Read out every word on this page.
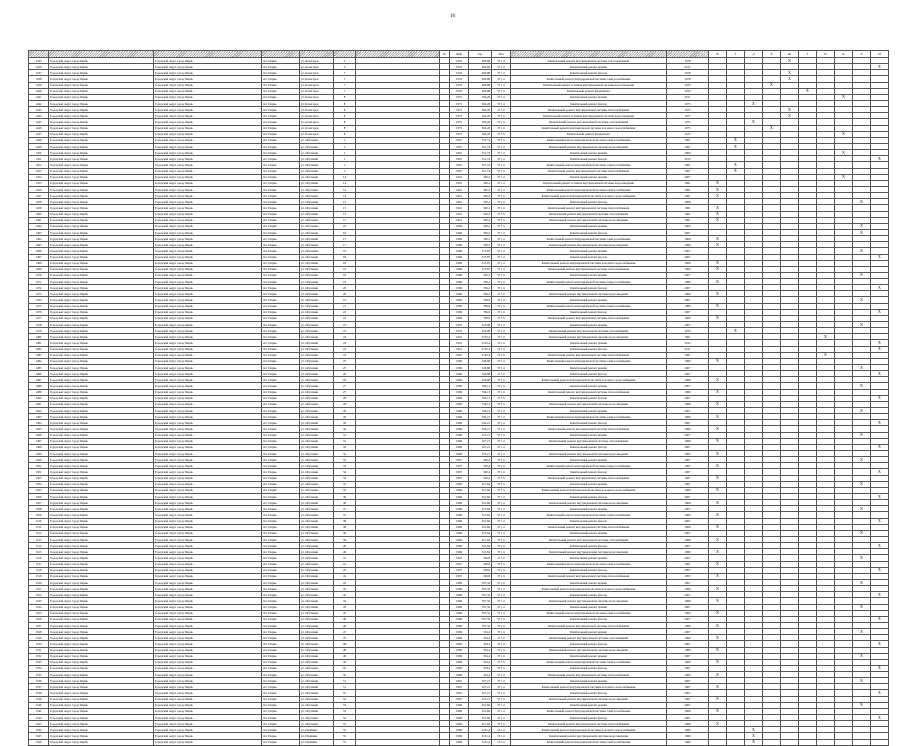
16
							№	Лифт	Год	Тип			В	Г	Д	Е	Ж	З	И	К	Л	М
1435	Городской округ город Пермь	Городской округ город Пермь	пгт. Пермь	ул. Кочегаров	5			1976	490,68	37 1 п	Капитальный ремонт внутридомовой системы теплоснабжения	1978					X					
1436	Городской округ город Пермь	Городской округ город Пермь	пгт. Пермь	ул. Кочегаров	5			1976	490,68	37 1 п	Капитальный ремонт крыши	2017										X
1437	Городской округ город Пермь	Городской округ город Пермь	пгт. Пермь	ул. Кочегаров	7			1976	490,88	37 1 п	Капитальный ремонт фасада	1978					X					
1438	Городской округ город Пермь	Городской округ город Пермь	пгт. Пермь	ул. Кочегаров	7			1976	490,88	37 1 п	Капитальный ремонт внутридомовой системы электроснабжения	1978					X					
1439	Городской округ город Пермь	Городской округ город Пермь	пгт. Пермь	ул. Кочегаров	7			1976	490,88	37 1 п	Капитальный ремонт и замена внутридомовой системы водоотведения	1976				X						
1440	Городской округ город Пермь	Городской округ город Пермь	пгт. Пермь	ул. Кочегаров	7			1976	490,88	37 1 п	Капитальный ремонт фундамента	1976						X				
1441	Городской округ город Пермь	Городской округ город Пермь	пгт. Пермь	ул. Кочегаров	8			1975	504,26	37 1 п	Капитальный ремонт крыши	2011								X		
1442	Городской округ город Пермь	Городской округ город Пермь	пгт. Пермь	ул. Кочегаров	8			1975	504,26	37 1 п	Капитальный ремонт фасада	1975			X							
1443	Городской округ город Пермь	Городской округ город Пермь	пгт. Пермь	ул. Кочегаров	8			1975	504,26	37 1 п	Капитальный ремонт внутридомовой системы теплоснабжения	1975					X					
1444	Городской округ город Пермь	Городской округ город Пермь	пгт. Пермь	ул. Кочегаров	8			1975	504,26	37 1 п	Капитальный ремонт и замена внутридомовой системы водоотведения	1975					X					
1445	Городской округ город Пермь	Городской округ город Пермь	пгт. Пермь	ул. Кочегаров	8			1975	504,26	37 1 п	Капитальный ремонт внутридомовой системы газоснабжения	1975			X							
1446	Городской округ город Пермь	Городской округ город Пермь	пгт. Пермь	ул. Кочегаров	8			1975	504,26	37 1 п	Капитальный ремонт внутридомовой системы холодного водоснабжения	1975				X						
1447	Городской округ город Пермь	Городской округ город Пермь	пгт. Пермь	ул. Кочегаров	8			1975	504,26	37 1 п	Капитальный ремонт фундамента	1975								X		
1448	Городской округ город Пермь	Городской округ город Пермь	пгт. Пермь	ул. Обучения	1			1967	351,74	37 1 п	Капитальный ремонт внутридомовой системы электроснабжения	1967		X								
1449	Городской округ город Пермь	Городской округ город Пермь	пгт. Пермь	ул. Обучения	1			1967	351,74	37 1 п	Капитальный ремонт внутридомовой системы водоотведения	1967		X								
1450	Городской округ город Пермь	Городской округ город Пермь	пгт. Пермь	ул. Обучения	1			1967	351,74	37 1 п	Капитальный ремонт крыши	2006								X		
1451	Городской округ город Пермь	Городской округ город Пермь	пгт. Пермь	ул. Обучения	1			1967	351,74	37 1 п	Капитальный ремонт фасада	2013										X
1452	Городской округ город Пермь	Городской округ город Пермь	пгт. Пермь	ул. Обучения	1			1967	351,74	37 1 п	Капитальный ремонт внутридомовой системы электроснабжения	1967		X								
1453	Городской округ город Пермь	Городской округ город Пермь	пгт. Пермь	ул. Обучения	1			1967	351,74	37 1 п	Капитальный ремонт внутридомовой системы теплоснабжения	1967		X								
1454	Городской округ город Пермь	Городской округ город Пермь	пгт. Пермь	ул. Обучения	14			1961	320,2	37 1 п	Капитальный ремонт крыши	2007								X		
1455	Городской округ город Пермь	Городской округ город Пермь	пгт. Пермь	ул. Обучения	14			1961	320,2	37 1 п	Капитальный ремонт и замена внутридомовой системы водоотведения	1961	X									
1456	Городской округ город Пермь	Городской округ город Пермь	пгт. Пермь	ул. Обучения	14			1961	320,2	37 1 п	Капитальный ремонт внутридомовой системы электроснабжения	1961	X									
1457	Городской округ город Пермь	Городской округ город Пермь	пгт. Пермь	ул. Обучения	14			1961	320,2	37 1 п	Капитальный ремонт внутридомовой системы холодного водоснабжения	1961	X									
1458	Городской округ город Пермь	Городской округ город Пермь	пгт. Пермь	ул. Обучения	15			1961	320,2	37 1 п	Капитальный ремонт фасада	2006									X	
1459	Городской округ город Пермь	Городской округ город Пермь	пгт. Пермь	ул. Обучения	15			1961	320,2	37 1 п	Капитальный ремонт внутридомовой системы теплоснабжения	1961	X									
1460	Городской округ город Пермь	Городской округ город Пермь	пгт. Пермь	ул. Обучения	15			1961	320,2	37 1 п	Капитальный ремонт внутридомовой системы газоснабжения	1961	X									
1461	Городской округ город Пермь	Городской округ город Пермь	пгт. Пермь	ул. Обучения	15			1961	320,2	37 1 п	Капитальный ремонт внутридомовой системы водоотведения	1961	X									
1462	Городской округ город Пермь	Городской округ город Пермь	пгт. Пермь	ул. Обучения	16			1966	336,2	37 1 п	Капитальный ремонт крыши	2006									X	
1463	Городской округ город Пермь	Городской округ город Пермь	пгт. Пермь	ул. Обучения	16			1966	336,2	37 1 п	Капитальный ремонт фасада	2007									X	
1464	Городской округ город Пермь	Городской округ город Пермь	пгт. Пермь	ул. Обучения	17			1969	780,5	37 1 п	Капитальный ремонт внутридомовой системы электроснабжения	1969	X									
1465	Городской округ город Пермь	Городской округ город Пермь	пгт. Пермь	ул. Обучения	17			1969	780,5	37 1 п	Капитальный ремонт внутридомовой системы водоотведения	1969	X									
1466	Городской округ город Пермь	Городской округ город Пермь	пгт. Пермь	ул. Обучения	18			1969	315,87	37 1 п	Капитальный ремонт крыши	2007									X	
1467	Городской округ город Пермь	Городской округ город Пермь	пгт. Пермь	ул. Обучения	18			1969	315,87	37 1 п	Капитальный ремонт фасада	2007										X
1468	Городской округ город Пермь	Городской округ город Пермь	пгт. Пермь	ул. Обучения	18			1969	315,87	37 1 п	Капитальный ремонт внутридомовой системы холодного водоснабжения	1969	X									
1469	Городской округ город Пермь	Городской округ город Пермь	пгт. Пермь	ул. Обучения	18			1969	315,87	37 1 п	Капитальный ремонт внутридомовой системы теплоснабжения	1969	X									
1470	Городской округ город Пермь	Городской округ город Пермь	пгт. Пермь	ул. Обучения	19			1966	336,2	37 1 п	Капитальный ремонт крыши	2007									X	
1471	Городской округ город Пермь	Городской округ город Пермь	пгт. Пермь	ул. Обучения	19			1966	336,2	37 1 п	Капитальный ремонт внутридомовой системы электроснабжения	1966	X									
1472	Городской округ город Пермь	Городской округ город Пермь	пгт. Пермь	ул. Обучения	20			1966	336,2	37 1 п	Капитальный ремонт фасада	2007										X
1473	Городской округ город Пермь	Городской округ город Пермь	пгт. Пермь	ул. Обучения	20			1966	336,2	37 1 п	Капитальный ремонт внутридомовой системы водоотведения	1966	X									
1474	Городской округ город Пермь	Городской округ город Пермь	пгт. Пермь	ул. Обучения	21			1969	796,9	37 1 п	Капитальный ремонт крыши	2007									X	
1475	Городской округ город Пермь	Городской округ город Пермь	пгт. Пермь	ул. Обучения	21			1969	796,9	37 1 п	Капитальный ремонт внутридомовой системы электроснабжения	1969	X									
1476	Городской округ город Пермь	Городской округ город Пермь	пгт. Пермь	ул. Обучения	22			1969	796,9	37 1 п	Капитальный ремонт фасада	2007										X
1477	Городской округ город Пермь	Городской округ город Пермь	пгт. Пермь	ул. Обучения	22			1969	796,9	37 1 п	Капитальный ремонт внутридомовой системы теплоснабжения	1969	X									
1478	Городской округ город Пермь	Городской округ город Пермь	пгт. Пермь	ул. Обучения	23			1970	323,98	37 1 п	Капитальный ремонт крыши	2007									X	
1479	Городской округ город Пермь	Городской округ город Пермь	пгт. Пермь	ул. Обучения	23			1970	323,98	37 1 п	Капитальный ремонт внутридомовой системы газоснабжения	1970		X								
1480	Городской округ город Пермь	Городской округ город Пермь	пгт. Пермь	ул. Обучения	24			1961	2132,4	13 1 п	Капитальный ремонт внутридомовой системы водоотведения	1961							X			
1481	Городской округ город Пермь	Городской округ город Пермь	пгт. Пермь	ул. Обучения	24			1961	2132,4	13 1 п	Капитальный ремонт крыши	2012										X
1482	Городской округ город Пермь	Городской округ город Пермь	пгт. Пермь	ул. Обучения	24			1961	2132,4	13 1 п	Капитальный ремонт фасада	2011										X
1483	Городской округ город Пермь	Городской округ город Пермь	пгт. Пермь	ул. Обучения	24			1961	2132,4	13 1 п	Капитальный ремонт внутридомовой системы теплоснабжения	1961							X			
1484	Городской округ город Пермь	Городской округ город Пермь	пгт. Пермь	ул. Обучения	25			1966	326,68	37 1 п	Капитальный ремонт внутридомовой системы электроснабжения	1966	X									
1485	Городской округ город Пермь	Городской округ город Пермь	пгт. Пермь	ул. Обучения	25			1966	326,68	37 1 п	Капитальный ремонт крыши	2007									X	
1486	Городской округ город Пермь	Городской округ город Пермь	пгт. Пермь	ул. Обучения	26			1966	326,68	37 1 п	Капитальный ремонт фасада	2007										X
1487	Городской округ город Пермь	Городской округ город Пермь	пгт. Пермь	ул. Обучения	26			1966	326,68	37 1 п	Капитальный ремонт внутридомовой системы холодного водоснабжения	1966	X									
1488	Городской округ город Пермь	Городской округ город Пермь	пгт. Пермь	ул. Обучения	27			1969	794,13	37 1 п	Капитальный ремонт крыши	2007									X	
1489	Городской округ город Пермь	Городской округ город Пермь	пгт. Пермь	ул. Обучения	27			1969	794,13	37 1 п	Капитальный ремонт внутридомовой системы теплоснабжения	1969	X									
1490	Городской округ город Пермь	Городской округ город Пермь	пгт. Пермь	ул. Обучения	28			1969	794,13	37 1 п	Капитальный ремонт фасада	2007										X
1491	Городской округ город Пермь	Городской округ город Пермь	пгт. Пермь	ул. Обучения	28			1969	794,13	37 1 п	Капитальный ремонт внутридомовой системы водоотведения	1969	X									
1492	Городской округ город Пермь	Городской округ город Пермь	пгт. Пермь	ул. Обучения	29			1966	343,21	37 1 п	Капитальный ремонт крыши	2007									X	
1493	Городской округ город Пермь	Городской округ город Пермь	пгт. Пермь	ул. Обучения	29			1966	343,21	37 1 п	Капитальный ремонт внутридомовой системы электроснабжения	1966	X									
1494	Городской округ город Пермь	Городской округ город Пермь	пгт. Пермь	ул. Обучения	30			1966	343,21	37 1 п	Капитальный ремонт фасада	2007										X
1495	Городской округ город Пермь	Городской округ город Пермь	пгт. Пермь	ул. Обучения	30			1966	343,21	37 1 п	Капитальный ремонт внутридомовой системы теплоснабжения	1966	X									
1496	Городской округ город Пермь	Городской округ город Пермь	пгт. Пермь	ул. Обучения	31			1969	327,21	37 1 п	Капитальный ремонт крыши	2007									X	
1497	Городской округ город Пермь	Городской округ город Пермь	пгт. Пермь	ул. Обучения	31			1969	327,21	37 1 п	Капитальный ремонт внутридомовой системы газоснабжения	1969	X									
1498	Городской округ город Пермь	Городской округ город Пермь	пгт. Пермь	ул. Обучения	32			1969	327,21	37 1 п	Капитальный ремонт фасада	2007										X
1499	Городской округ город Пермь	Городской округ город Пермь	пгт. Пермь	ул. Обучения	32			1969	327,21	37 1 п	Капитальный ремонт внутридомовой системы водоотведения	1969	X									
1500	Городской округ город Пермь	Городской округ город Пермь	пгт. Пермь	ул. Обучения	33			1967	320,4	37 1 п	Капитальный ремонт крыши	2007									X	
1501	Городской округ город Пермь	Городской округ город Пермь	пгт. Пермь	ул. Обучения	33			1967	320,4	37 1 п	Капитальный ремонт внутридомовой системы электроснабжения	1967	X									
1502	Городской округ город Пермь	Городской округ город Пермь	пгт. Пермь	ул. Обучения	34			1967	320,4	37 1 п	Капитальный ремонт фасада	2007										X
1503	Городской округ город Пермь	Городской округ город Пермь	пгт. Пермь	ул. Обучения	34			1967	320,4	37 1 п	Капитальный ремонт внутридомовой системы теплоснабжения	1967	X									
1504	Городской округ город Пермь	Городской округ город Пермь	пгт. Пермь	ул. Обучения	35			1969	321,84	37 1 п	Капитальный ремонт крыши	2007									X	
1505	Городской округ город Пермь	Городской округ город Пермь	пгт. Пермь	ул. Обучения	35			1969	321,84	37 1 п	Капитальный ремонт внутридомовой системы холодного водоснабжения	1969	X									
1506	Городской округ город Пермь	Городской округ город Пермь	пгт. Пермь	ул. Обучения	36			1969	321,84	37 1 п	Капитальный ремонт фасада	2007										X
1507	Городской округ город Пермь	Городской округ город Пермь	пгт. Пермь	ул. Обучения	36			1969	321,84	37 1 п	Капитальный ремонт внутридомовой системы водоотведения	1969	X									
1508	Городской округ город Пермь	Городской округ город Пермь	пгт. Пермь	ул. Обучения	37			1969	321,84	37 1 п	Капитальный ремонт крыши	2007									X	
1509	Городской округ город Пермь	Городской округ город Пермь	пгт. Пермь	ул. Обучения	37			1969	321,84	37 1 п	Капитальный ремонт внутридомовой системы электроснабжения	1969	X									
1510	Городской округ город Пермь	Городской округ город Пермь	пгт. Пермь	ул. Обучения	38			1969	321,84	37 1 п	Капитальный ремонт фасада	2007										X
1511	Городской округ город Пермь	Городской округ город Пермь	пгт. Пермь	ул. Обучения	38			1969	321,84	37 1 п	Капитальный ремонт внутридомовой системы теплоснабжения	1969	X									
1512	Городской округ город Пермь	Городской округ город Пермь	пгт. Пермь	ул. Обучения	39			1969	321,84	37 1 п	Капитальный ремонт крыши	2007									X	
1513	Городской округ город Пермь	Городской округ город Пермь	пгт. Пермь	ул. Обучения	39			1969	321,84	37 1 п	Капитальный ремонт внутридомовой системы газоснабжения	1969	X									
1514	Городской округ город Пермь	Городской округ город Пермь	пгт. Пермь	ул. Обучения	40			1969	321,84	37 1 п	Капитальный ремонт фасада	2007										X
1515	Городской округ город Пермь	Городской округ город Пермь	пгт. Пермь	ул. Обучения	40			1969	321,84	37 1 п	Капитальный ремонт внутридомовой системы водоотведения	1969	X									
1516	Городской округ город Пермь	Городской округ город Пермь	пгт. Пермь	ул. Обучения	41			1967	326,8	37 1 п	Капитальный ремонт крыши	2007									X	
1517	Городской округ город Пермь	Городской округ город Пермь	пгт. Пермь	ул. Обучения	41			1967	326,8	37 1 п	Капитальный ремонт внутридомовой системы электроснабжения	1967	X									
1518	Городской округ город Пермь	Городской округ город Пермь	пгт. Пермь	ул. Обучения	42			1967	326,8	37 1 п	Капитальный ремонт фасада	2007										X
1519	Городской округ город Пермь	Городской округ город Пермь	пгт. Пермь	ул. Обучения	42			1967	326,8	37 1 п	Капитальный ремонт внутридомовой системы теплоснабжения	1967	X									
1520	Городской округ город Пермь	Городской округ город Пермь	пгт. Пермь	ул. Обучения	43			1969	797,32	37 1 п	Капитальный ремонт крыши	2007									X	
1521	Городской округ город Пермь	Городской округ город Пермь	пгт. Пермь	ул. Обучения	43			1969	797,32	37 1 п	Капитальный ремонт внутридомовой системы холодного водоснабжения	1969	X									
1522	Городской округ город Пермь	Городской округ город Пермь	пгт. Пермь	ул. Обучения	44			1969	797,32	37 1 п	Капитальный ремонт фасада	2007										X
1523	Городской округ город Пермь	Городской округ город Пермь	пгт. Пермь	ул. Обучения	44			1969	797,32	37 1 п	Капитальный ремонт внутридомовой системы водоотведения	1969	X									
1524	Городской округ город Пермь	Городской округ город Пермь	пгт. Пермь	ул. Обучения	45			1969	797,32	37 1 п	Капитальный ремонт крыши	2007									X	
1525	Городской округ город Пермь	Городской округ город Пермь	пгт. Пермь	ул. Обучения	45			1969	797,32	37 1 п	Капитальный ремонт внутридомовой системы электроснабжения	1969	X									
1526	Городской округ город Пермь	Городской округ город Пермь	пгт. Пермь	ул. Обучения	46			1969	797,32	37 1 п	Капитальный ремонт фасада	2007										X
1527	Городской округ город Пермь	Городской округ город Пермь	пгт. Пермь	ул. Обучения	46			1969	797,32	37 1 п	Капитальный ремонт внутридомовой системы теплоснабжения	1969	X									
1528	Городской округ город Пермь	Городской округ город Пермь	пгт. Пермь	ул. Обучения	47			1969	334,4	37 1 п	Капитальный ремонт крыши	2007									X	
1529	Городской округ город Пермь	Городской округ город Пермь	пгт. Пермь	ул. Обучения	47			1969	334,4	37 1 п	Капитальный ремонт внутридомовой системы газоснабжения	1969	X									
1530	Городской округ город Пермь	Городской округ город Пермь	пгт. Пермь	ул. Обучения	48			1969	334,4	37 1 п	Капитальный ремонт фасада	2007										X
1531	Городской округ город Пермь	Городской округ город Пермь	пгт. Пермь	ул. Обучения	48			1969	334,4	37 1 п	Капитальный ремонт внутридомовой системы водоотведения	1969	X									
1532	Городской округ город Пермь	Городской округ город Пермь	пгт. Пермь	ул. Обучения	49			1969	334,4	37 1 п	Капитальный ремонт крыши	2007									X	
1533	Городской округ город Пермь	Городской округ город Пермь	пгт. Пермь	ул. Обучения	49			1969	334,4	37 1 п	Капитальный ремонт внутридомовой системы электроснабжения	1969	X									
1534	Городской округ город Пермь	Городской округ город Пермь	пгт. Пермь	ул. Обучения	50			1969	334,4	37 1 п	Капитальный ремонт фасада	2007										X
1535	Городской округ город Пермь	Городской округ город Пермь	пгт. Пермь	ул. Обучения	50			1969	334,4	37 1 п	Капитальный ремонт внутридомовой системы теплоснабжения	1969	X									
1536	Городской округ город Пермь	Городской округ город Пермь	пгт. Пермь	ул. Обучения	51			1967	327,21	37 1 п	Капитальный ремонт крыши	2007									X	
1537	Городской округ город Пермь	Городской округ город Пермь	пгт. Пермь	ул. Обучения	51			1967	327,21	37 1 п	Капитальный ремонт внутридомовой системы холодного водоснабжения	1967	X									
1538	Городской округ город Пермь	Городской округ город Пермь	пгт. Пермь	ул. Обучения	52			1967	327,21	37 1 п	Капитальный ремонт фасада	2007										X
1539	Городской округ город Пермь	Городской округ город Пермь	пгт. Пермь	ул. Обучения	52			1967	327,21	37 1 п	Капитальный ремонт внутридомовой системы водоотведения	1967	X									
1540	Городской округ город Пермь	Городской округ город Пермь	пгт. Пермь	ул. Обучения	53			1969	321,84	37 1 п	Капитальный ремонт крыши	2007									X	
1541	Городской округ город Пермь	Городской округ город Пермь	пгт. Пермь	ул. Обучения	53			1969	321,84	37 1 п	Капитальный ремонт внутридомовой системы электроснабжения	1969	X									
1542	Городской округ город Пермь	Городской округ город Пермь	пгт. Пермь	ул. Обучения	54			1969	321,84	37 1 п	Капитальный ремонт фасада	2007										X
1543	Городской округ город Пермь	Городской округ город Пермь	пгт. Пермь	ул. Обучения	54			1969	321,84	37 1 п	Капитальный ремонт внутридомовой системы теплоснабжения	1969	X									
1544	Городской округ город Пермь	Городской округ город Пермь	пгт. Пермь	ул. Пушкина	55			1969	2151,4	13 1 п	Капитальный ремонт внутридомовой системы холодного водоснабжения	1969			X							
1545	Городской округ город Пермь	Городской округ город Пермь	пгт. Пермь	ул. Пушкина	55			1969	2151,4	13 1 п	Капитальный ремонт внутридомовой системы водоотведения	1969			X							
1546	Городской округ город Пермь	Городской округ город Пермь	пгт. Пермь	ул. Пушкина	55			1969	2151,4	13 1 п	Капитальный ремонт внутридомовой системы электроснабжения	1969			X							
